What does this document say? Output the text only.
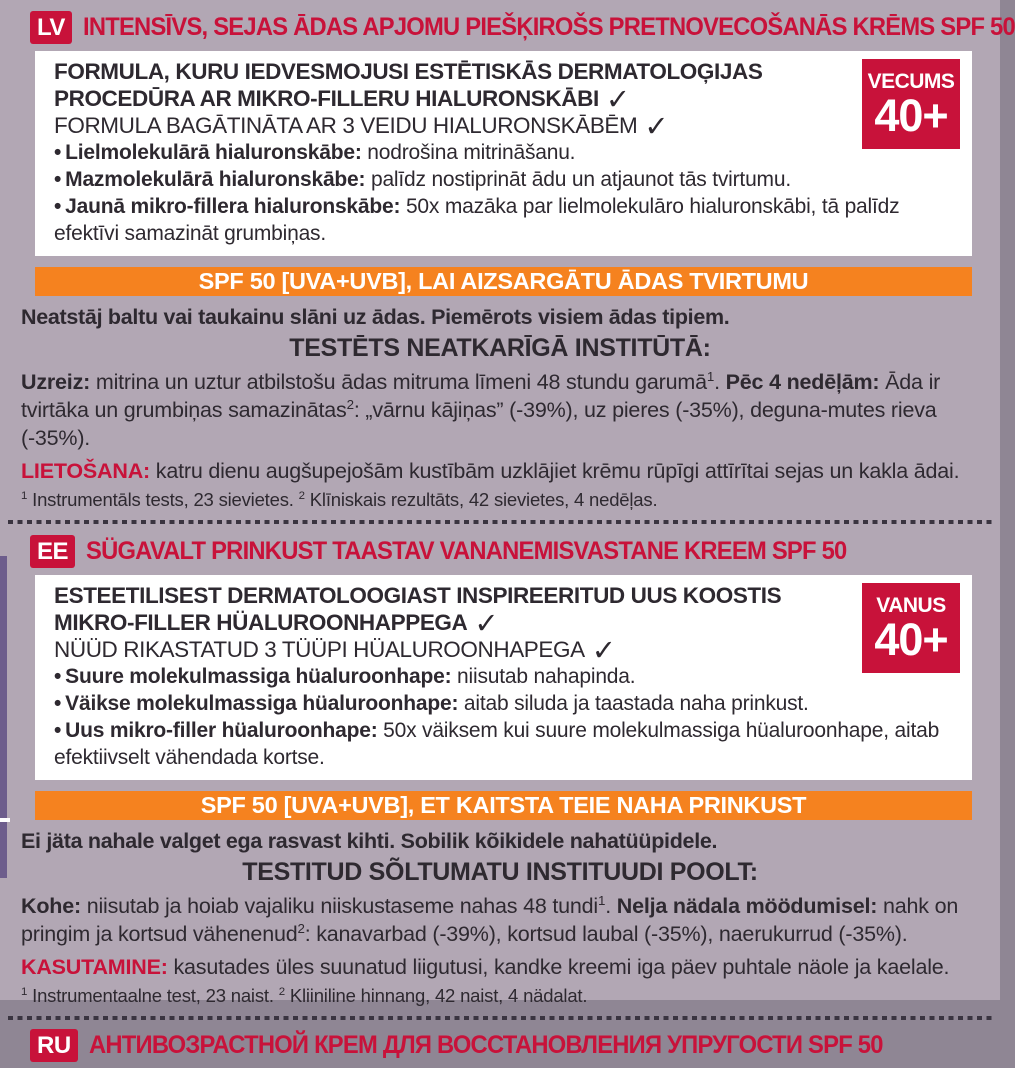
LV INTENSĪVS, SEJAS ĀDAS APJOMU PIEŠĶIROŠS PRETNOVECOŠANĀS KRĒMS SPF 50
FORMULA, KURU IEDVESMOJUSI ESTĒTISKĀS DERMATOLOĢIJAS
PROCEDŪRA AR MIKRO-FILLERU HIALURONSKĀBI ✓
FORMULA BAGĀTINĀTA AR 3 VEIDU HIALURONSKĀBĒM ✓
• Lielmolekulārā hialuronskābe: nodrošina mitrināšanu.
• Mazmolekulārā hialuronskābe: palīdz nostiprināt ādu un atjaunot tās tvirtumu.
• Jaunā mikro-fillera hialuronskābe: 50x mazāka par lielmolekulāro hialuronskābi, tā palīdz efektīvi samazināt grumbiņas.
VECUMS
40+
SPF 50 [UVA+UVB], LAI AIZSARGĀTU ĀDAS TVIRTUMU
Neatstāj baltu vai taukainu slāni uz ādas. Piemērots visiem ādas tipiem.
TESTĒTS NEATKARĪGĀ INSTITŪTĀ:
Uzreiz: mitrina un uztur atbilstošu ādas mitruma līmeni 48 stundu garumā$^1$. Pēc 4 nedēļām: Āda ir tvirtāka un grumbiņas samazinātas$^2$: „vārnu kājiņas” (-39%), uz pieres (-35%), deguna-mutes rieva (-35%).
LIETOŠANA: katru dienu augšupejošām kustībām uzklājiet krēmu rūpīgi attīrītai sejas un kakla ādai.
$^1$ Instrumentāls tests, 23 sievietes. $^2$ Klīniskais rezultāts, 42 sievietes, 4 nedēļas.
EE SÜGAVALT PRINKUST TAASTAV VANANEMISVASTANE KREEM SPF 50
ESTEETILISEST DERMATOLOOGIAST INSPIREERITUD UUS KOOSTIS
MIKRO-FILLER HÜALUROONHAPPEGA ✓
NÜÜD RIKASTATUD 3 TÜÜPI HÜALUROONHAPEGA ✓
• Suure molekulmassiga hüaluroonhape: niisutab nahapinda.
• Väikse molekulmassiga hüaluroonhape: aitab siluda ja taastada naha prinkust.
• Uus mikro-filler hüaluroonhape: 50x väiksem kui suure molekulmassiga hüaluroonhape, aitab efektiivselt vähendada kortse.
VANUS
40+
SPF 50 [UVA+UVB], ET KAITSTA TEIE NAHA PRINKUST
Ei jäta nahale valget ega rasvast kihti. Sobilik kõikidele nahatüüpidele.
TESTITUD SÕLTUMATU INSTITUUDI POOLT:
Kohe: niisutab ja hoiab vajaliku niiskustaseme nahas 48 tundi$^1$. Nelja nädala möödumisel: nahk on pringim ja kortsud vähenenud$^2$: kanavarbad (-39%), kortsud laubal (-35%), naerukurrud (-35%).
KASUTAMINE: kasutades üles suunatud liigutusi, kandke kreemi iga päev puhtale näole ja kaelale.
$^1$ Instrumentaalne test, 23 naist. $^2$ Kliiniline hinnang, 42 naist, 4 nädalat.
RU АНТИВОЗРАСТНОЙ КРЕМ ДЛЯ ВОССТАНОВЛЕНИЯ УПРУГОСТИ SPF 50
